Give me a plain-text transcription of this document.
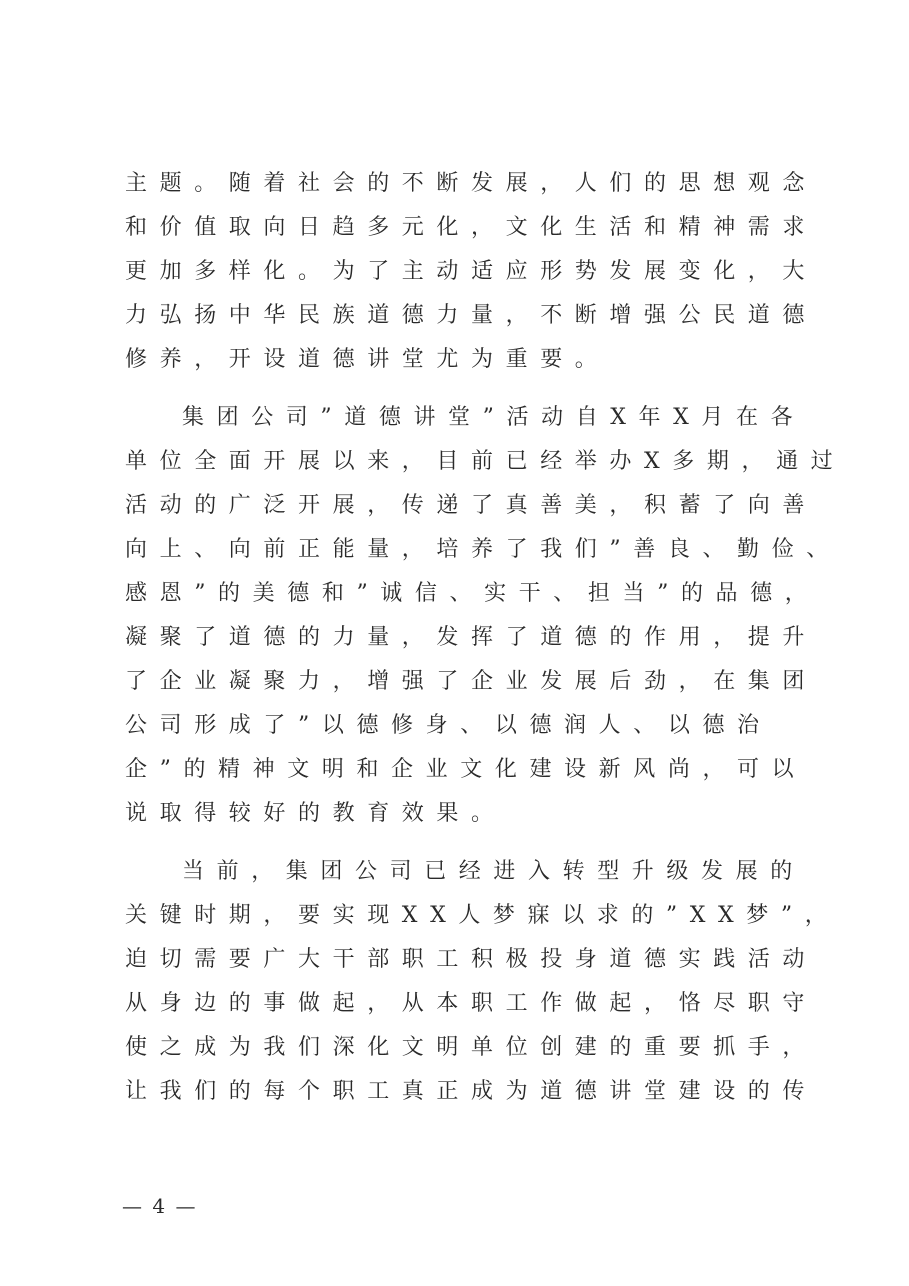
主题。随着社会的不断发展，人们的思想观念
和价值取向日趋多元化，文化生活和精神需求
更加多样化。为了主动适应形势发展变化，大
力弘扬中华民族道德力量，不断增强公民道德
修养，开设道德讲堂尤为重要。
集团公司”道德讲堂”活动自X年X月在各
单位全面开展以来，目前已经举办X多期，通过
活动的广泛开展，传递了真善美，积蓄了向善
向上、向前正能量，培养了我们”善良、勤俭、
感恩”的美德和”诚信、实干、担当”的品德，
凝聚了道德的力量，发挥了道德的作用，提升
了企业凝聚力，增强了企业发展后劲，在集团
公司形成了”以德修身、以德润人、以德治
企”的精神文明和企业文化建设新风尚，可以
说取得较好的教育效果。
当前，集团公司已经进入转型升级发展的
关键时期，要实现XX人梦寐以求的”XX梦”，
迫切需要广大干部职工积极投身道德实践活动
从身边的事做起，从本职工作做起，恪尽职守
使之成为我们深化文明单位创建的重要抓手，
让我们的每个职工真正成为道德讲堂建设的传
— 4 —
